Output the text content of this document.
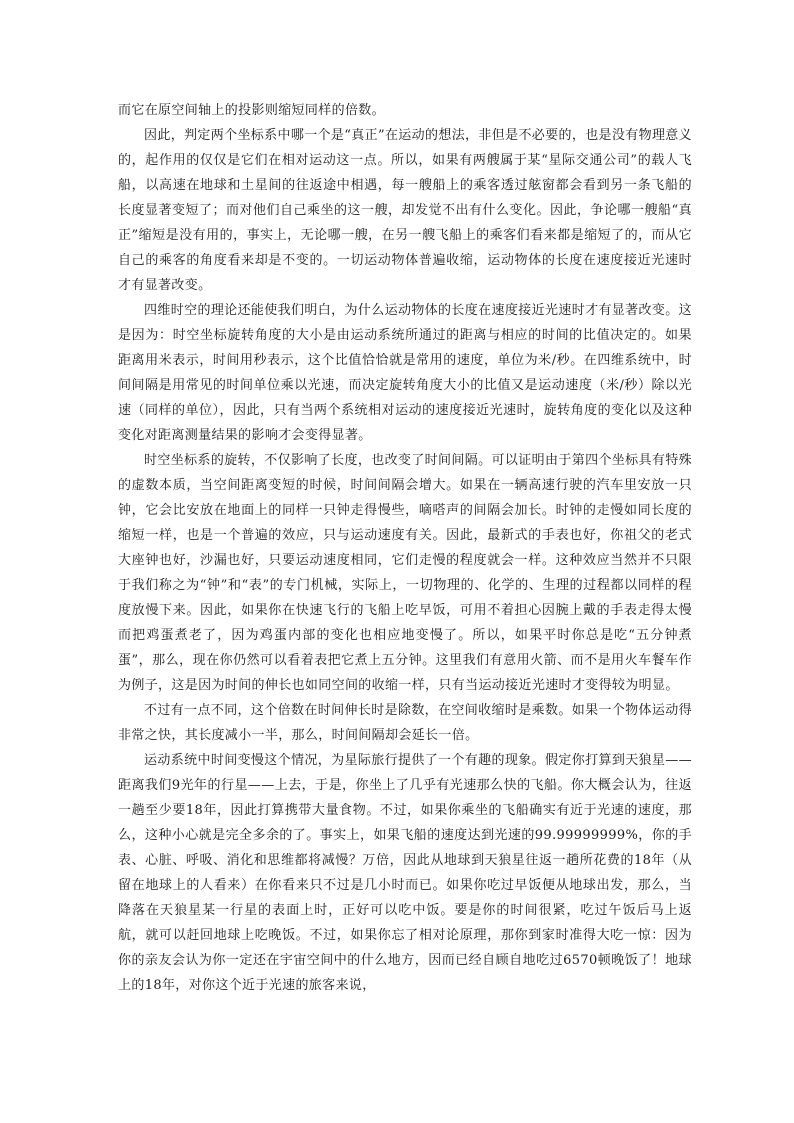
而它在原空间轴上的投影则缩短同样的倍数。

因此，判定两个坐标系中哪一个是“真正”在运动的想法，非但是不必要的，也是没有物理意义的，起作用的仅仅是它们在相对运动这一点。所以，如果有两艘属于某“星际交通公司”的载人飞船，以高速在地球和土星间的往返途中相遇，每一艘船上的乘客透过舷窗都会看到另一条飞船的长度显著变短了；而对他们自己乘坐的这一艘，却发觉不出有什么变化。因此，争论哪一艘船“真正”缩短是没有用的，事实上，无论哪一艘，在另一艘飞船上的乘客们看来都是缩短了的，而从它自己的乘客的角度看来却是不变的。一切运动物体普遍收缩，运动物体的长度在速度接近光速时才有显著改变。

四维时空的理论还能使我们明白，为什么运动物体的长度在速度接近光速时才有显著改变。这是因为：时空坐标旋转角度的大小是由运动系统所通过的距离与相应的时间的比值决定的。如果距离用米表示，时间用秒表示，这个比值恰恰就是常用的速度，单位为米/秒。在四维系统中，时间间隔是用常见的时间单位乘以光速，而决定旋转角度大小的比值又是运动速度（米/秒）除以光速（同样的单位），因此，只有当两个系统相对运动的速度接近光速时，旋转角度的变化以及这种变化对距离测量结果的影响才会变得显著。

时空坐标系的旋转，不仅影响了长度，也改变了时间间隔。可以证明由于第四个坐标具有特殊的虚数本质，当空间距离变短的时候，时间间隔会增大。如果在一辆高速行驶的汽车里安放一只钟，它会比安放在地面上的同样一只钟走得慢些，嘀嗒声的间隔会加长。时钟的走慢如同长度的缩短一样，也是一个普遍的效应，只与运动速度有关。因此，最新式的手表也好，你祖父的老式大座钟也好，沙漏也好，只要运动速度相同，它们走慢的程度就会一样。这种效应当然并不只限于我们称之为“钟”和“表”的专门机械，实际上，一切物理的、化学的、生理的过程都以同样的程度放慢下来。因此，如果你在快速飞行的飞船上吃早饭，可用不着担心因腕上戴的手表走得太慢而把鸡蛋煮老了，因为鸡蛋内部的变化也相应地变慢了。所以，如果平时你总是吃“五分钟煮蛋”，那么，现在你仍然可以看着表把它煮上五分钟。这里我们有意用火箭、而不是用火车餐车作为例子，这是因为时间的伸长也如同空间的收缩一样，只有当运动接近光速时才变得较为明显。

不过有一点不同，这个倍数在时间伸长时是除数，在空间收缩时是乘数。如果一个物体运动得非常之快，其长度减小一半，那么，时间间隔却会延长一倍。

运动系统中时间变慢这个情况，为星际旅行提供了一个有趣的现象。假定你打算到天狼星——距离我们9光年的行星——上去，于是，你坐上了几乎有光速那么快的飞船。你大概会认为，往返一趟至少要18年，因此打算携带大量食物。不过，如果你乘坐的飞船确实有近于光速的速度，那么，这种小心就是完全多余的了。事实上，如果飞船的速度达到光速的99.99999999%，你的手表、心脏、呼吸、消化和思维都将减慢？万倍，因此从地球到天狼星往返一趟所花费的18年（从留在地球上的人看来）在你看来只不过是几小时而已。如果你吃过早饭便从地球出发，那么，当降落在天狼星某一行星的表面上时，正好可以吃中饭。要是你的时间很紧，吃过午饭后马上返航，就可以赶回地球上吃晚饭。不过，如果你忘了相对论原理，那你到家时准得大吃一惊：因为你的亲友会认为你一定还在宇宙空间中的什么地方，因而已经自顾自地吃过6570顿晚饭了！地球上的18年，对你这个近于光速的旅客来说，
